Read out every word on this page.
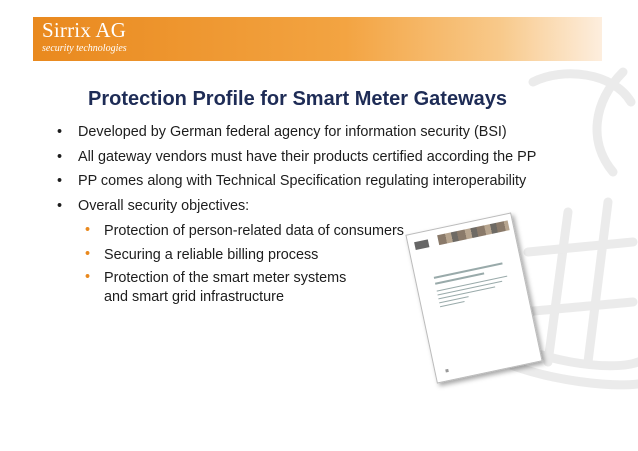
Sirrix AG
security technologies
Protection Profile for Smart Meter Gateways
• Developed by German federal agency for information security (BSI)
• All gateway vendors must have their products certified according the PP
• PP comes along with Technical Specification regulating interoperability
• Overall security objectives:
• Protection of person-related data of consumers
• Securing a reliable billing process
• Protection of the smart meter systems
and smart grid infrastructure
